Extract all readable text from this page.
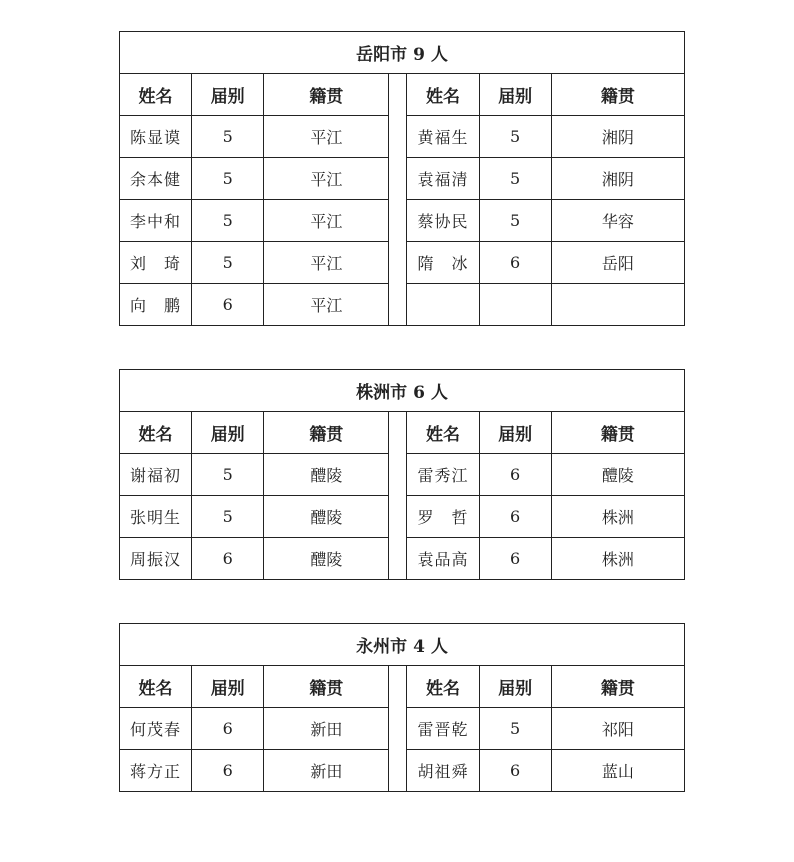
岳阳市 9 人						
姓名	届别	籍贯		姓名	届别	籍贯
陈显谟	5	平江		黄福生	5	湘阴
余本健	5	平江		袁福清	5	湘阴
李中和	5	平江		蔡协民	5	华容
刘　琦	5	平江		隋　冰	6	岳阳
向　鹏	6	平江				
株洲市 6 人						
姓名	届别	籍贯		姓名	届别	籍贯
谢福初	5	醴陵		雷秀江	6	醴陵
张明生	5	醴陵		罗　哲	6	株洲
周振汉	6	醴陵		袁品高	6	株洲
永州市 4 人						
姓名	届别	籍贯		姓名	届别	籍贯
何茂春	6	新田		雷晋乾	5	祁阳
蒋方正	6	新田		胡祖舜	6	蓝山
